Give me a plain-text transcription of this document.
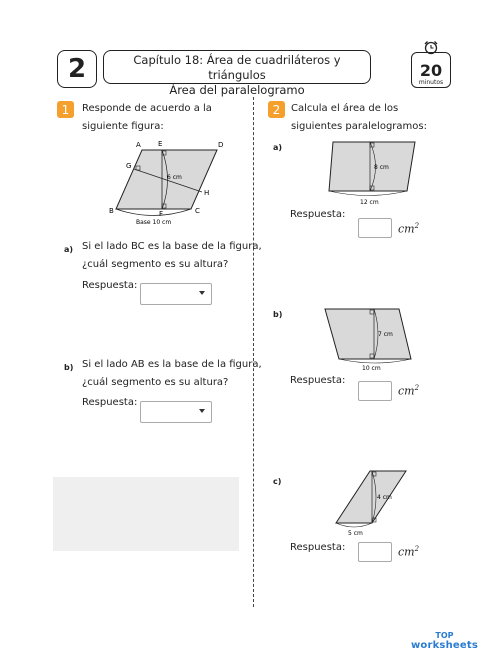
2	Capítulo 18: Área de cuadriláteros y triángulos
Área del paralelogramo
20
minutos
1	Responde de acuerdo a la
siguiente figura:
A E	D
G
H
B	F	C
6 cm
Base 10 cm
a) Si el lado BC es la base de la figura,
¿cuál segmento es su altura?
Respuesta:
b) Si el lado AB es la base de la figura,
¿cuál segmento es su altura?
Respuesta:
2	Calcula el área de los
siguientes paralelogramos:
a)
8 cm
12 cm
Respuesta:
$cm^2$
b)
7 cm
10 cm
Respuesta:
$cm^2$
c)
4 cm
5 cm
Respuesta:	$cm^2$
TOP
worksheets
